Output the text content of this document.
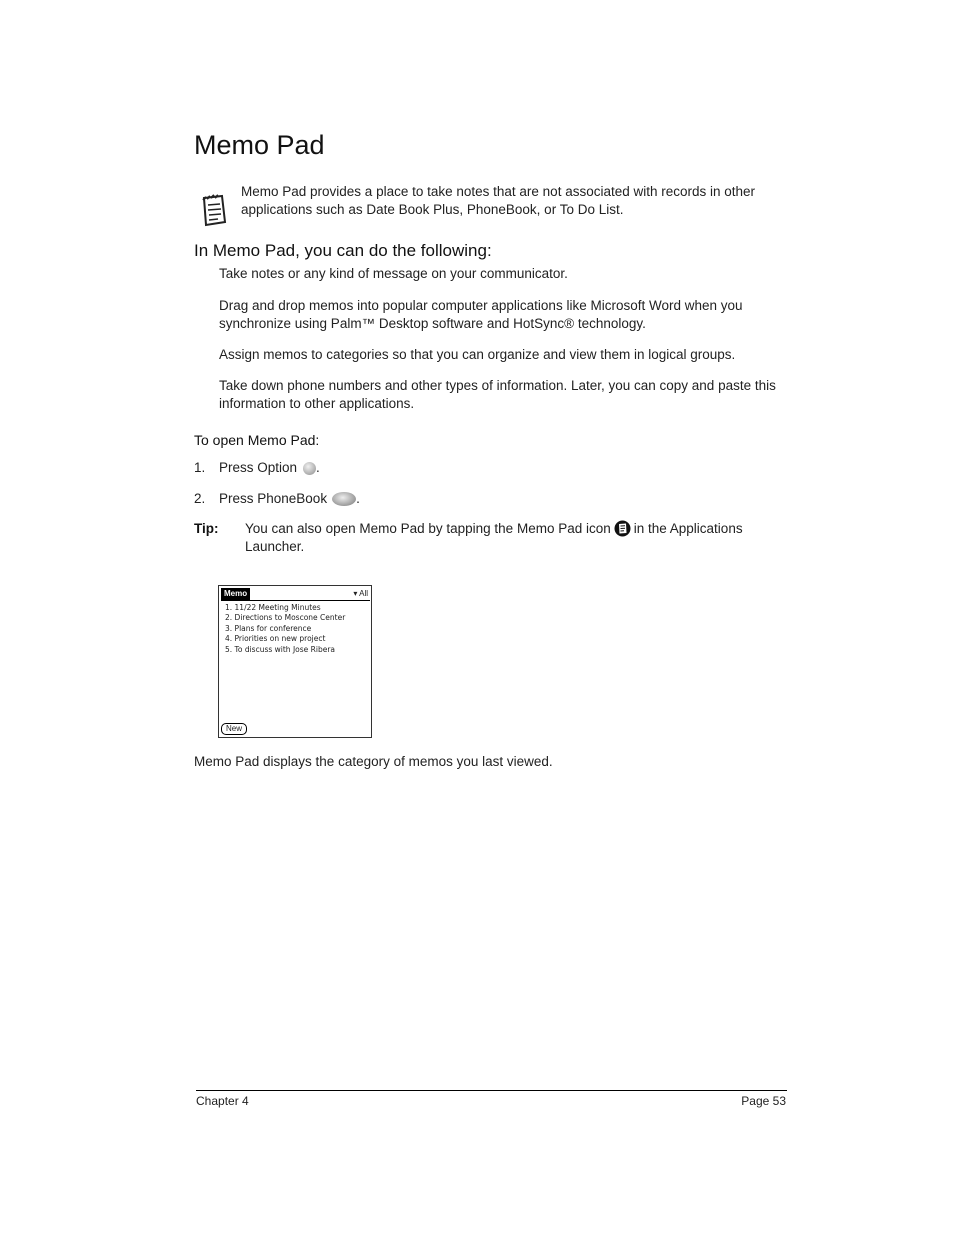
Memo Pad
Memo Pad provides a place to take notes that are not associated with records in other applications such as Date Book Plus, PhoneBook, or To Do List.
In Memo Pad, you can do the following:
Take notes or any kind of message on your communicator.
Drag and drop memos into popular computer applications like Microsoft Word when you synchronize using Palm™ Desktop software and HotSync® technology.
Assign memos to categories so that you can organize and view them in logical groups.
Take down phone numbers and other types of information. Later, you can copy and paste this information to other applications.
To open Memo Pad:
1.	Press Option .
2.	Press PhoneBook .
Tip:	You can also open Memo Pad by tapping the Memo Pad icon in the Applications Launcher.
Memo	▾ All
1. 11/22 Meeting Minutes
2. Directions to Moscone Center
3. Plans for conference
4. Priorities on new project
5. To discuss with Jose Ribera
New
Memo Pad displays the category of memos you last viewed.
Chapter 4	Page 53
